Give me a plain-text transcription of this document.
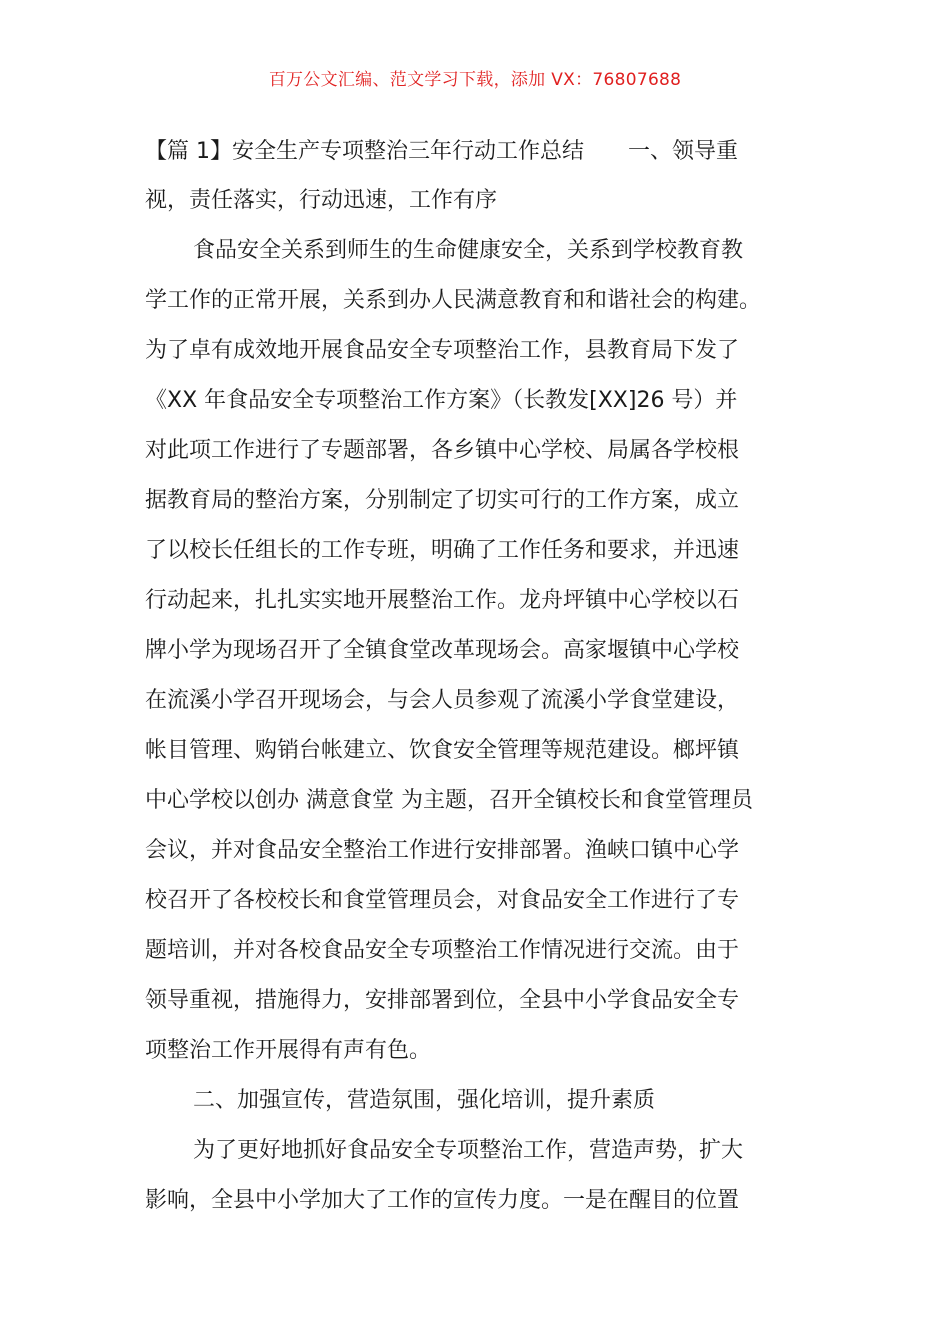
百万公文汇编、范文学习下载，添加 VX：76807688
【篇 1】安全生产专项整治三年行动工作总结　　一、领导重
视，责任落实，行动迅速，工作有序
食品安全关系到师生的生命健康安全，关系到学校教育教
学工作的正常开展，关系到办人民满意教育和和谐社会的构建。
为了卓有成效地开展食品安全专项整治工作，县教育局下发了
《XX 年食品安全专项整治工作方案》（长教发[XX]26 号）并
对此项工作进行了专题部署，各乡镇中心学校、局属各学校根
据教育局的整治方案，分别制定了切实可行的工作方案，成立
了以校长任组长的工作专班，明确了工作任务和要求，并迅速
行动起来，扎扎实实地开展整治工作。龙舟坪镇中心学校以石
牌小学为现场召开了全镇食堂改革现场会。高家堰镇中心学校
在流溪小学召开现场会，与会人员参观了流溪小学食堂建设，
帐目管理、购销台帐建立、饮食安全管理等规范建设。榔坪镇
中心学校以创办 满意食堂 为主题，召开全镇校长和食堂管理员
会议，并对食品安全整治工作进行安排部署。渔峡口镇中心学
校召开了各校校长和食堂管理员会，对食品安全工作进行了专
题培训，并对各校食品安全专项整治工作情况进行交流。由于
领导重视，措施得力，安排部署到位，全县中小学食品安全专
项整治工作开展得有声有色。
二、加强宣传，营造氛围，强化培训，提升素质
为了更好地抓好食品安全专项整治工作，营造声势，扩大
影响，全县中小学加大了工作的宣传力度。一是在醒目的位置
